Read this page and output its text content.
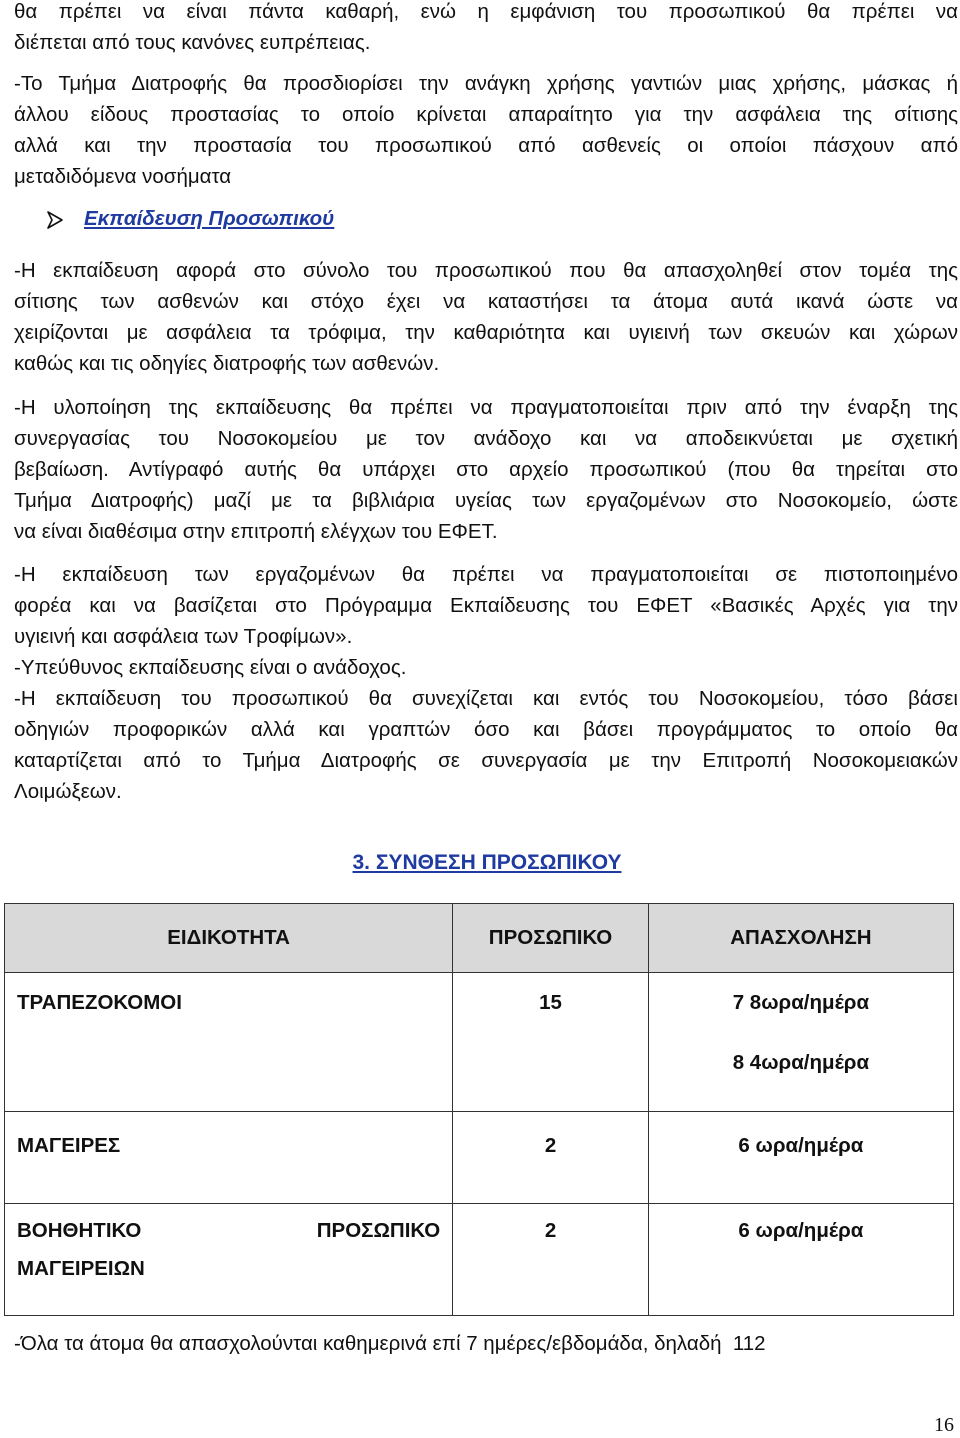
θα πρέπει να είναι πάντα καθαρή, ενώ η εμφάνιση του προσωπικού θα πρέπει να
διέπεται από τους κανόνες ευπρέπειας.
-Το Τμήμα Διατροφής θα προσδιορίσει την ανάγκη χρήσης γαντιών μιας χρήσης, μάσκας ή
άλλου είδους προστασίας το οποίο κρίνεται απαραίτητο για την ασφάλεια της σίτισης
αλλά και την προστασία του προσωπικού από ασθενείς οι οποίοι πάσχουν από
μεταδιδόμενα νοσήματα
Εκπαίδευση Προσωπικού
-Η εκπαίδευση αφορά στο σύνολο του προσωπικού που θα απασχοληθεί στον τομέα της
σίτισης των ασθενών και στόχο έχει να καταστήσει τα άτομα αυτά ικανά ώστε να
χειρίζονται με ασφάλεια τα τρόφιμα, την καθαριότητα και υγιεινή των σκευών και χώρων
καθώς και τις οδηγίες διατροφής των ασθενών.
-Η υλοποίηση της εκπαίδευσης θα πρέπει να πραγματοποιείται πριν από την έναρξη της
συνεργασίας του Νοσοκομείου με τον ανάδοχο και να αποδεικνύεται με σχετική
βεβαίωση. Αντίγραφό αυτής θα υπάρχει στο αρχείο προσωπικού (που θα τηρείται στο
Τμήμα Διατροφής) μαζί με τα βιβλιάρια υγείας των εργαζομένων στο Νοσοκομείο, ώστε
να είναι διαθέσιμα στην επιτροπή ελέγχων του ΕΦΕΤ.
-Η εκπαίδευση των εργαζομένων θα πρέπει να πραγματοποιείται σε πιστοποιημένο
φορέα και να βασίζεται στο Πρόγραμμα Εκπαίδευσης του ΕΦΕΤ «Βασικές Αρχές για την
υγιεινή και ασφάλεια των Τροφίμων».
-Υπεύθυνος εκπαίδευσης είναι ο ανάδοχος.
-Η εκπαίδευση του προσωπικού θα συνεχίζεται και εντός του Νοσοκομείου, τόσο βάσει
οδηγιών προφορικών αλλά και γραπτών όσο και βάσει προγράμματος το οποίο θα
καταρτίζεται από το Τμήμα Διατροφής σε συνεργασία με την Επιτροπή Νοσοκομειακών
Λοιμώξεων.
3. ΣΥΝΘΕΣΗ ΠΡΟΣΩΠΙΚΟΥ
ΕΙΔΙΚΟΤΗΤΑ	ΠΡΟΣΩΠΙΚΟ	ΑΠΑΣΧΟΛΗΣΗ

ΤΡΑΠΕΖΟΚΟΜΟΙ	15	7 8ωρα/ημέρα
8 4ωρα/ημέρα

ΜΑΓΕΙΡΕΣ	2	6 ωρα/ημέρα

ΒΟΗΘΗΤΙΚΟ ΠΡΟΣΩΠΙΚΟ
ΜΑΓΕΙΡΕΙΩΝ	2	6 ωρα/ημέρα
-Όλα τα άτομα θα απασχολούνται καθημερινά επί 7 ημέρες/εβδομάδα, δηλαδή  112
16
